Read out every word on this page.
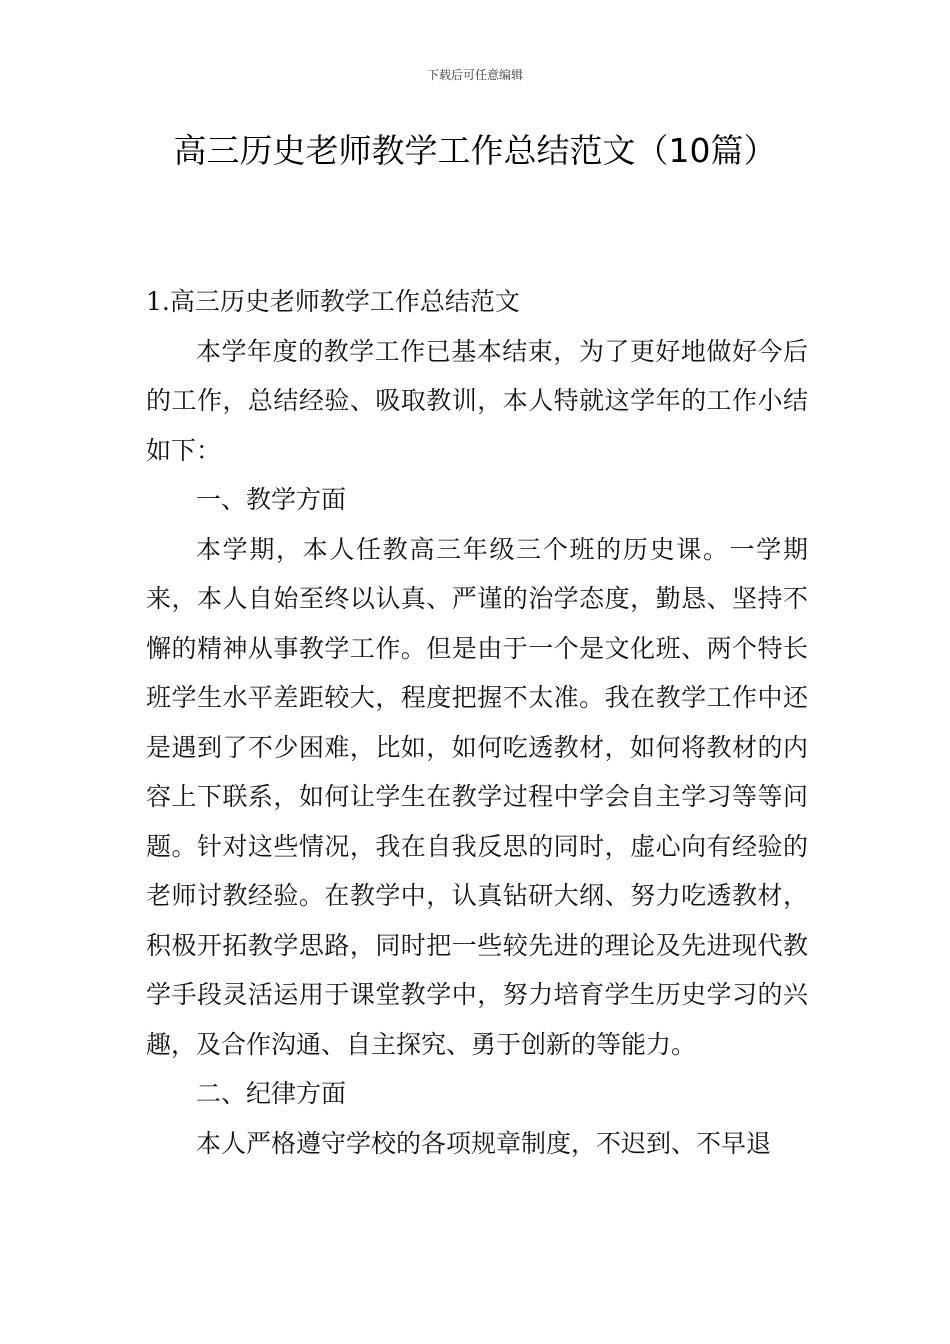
下载后可任意编辑
高三历史老师教学工作总结范文（10篇）

1.高三历史老师教学工作总结范文

本学年度的教学工作已基本结束，为了更好地做好今后的工作，总结经验、吸取教训，本人特就这学年的工作小结如下：

一、教学方面

本学期，本人任教高三年级三个班的历史课。一学期来，本人自始至终以认真、严谨的治学态度，勤恳、坚持不懈的精神从事教学工作。但是由于一个是文化班、两个特长班学生水平差距较大，程度把握不太准。我在教学工作中还是遇到了不少困难，比如，如何吃透教材，如何将教材的内容上下联系，如何让学生在教学过程中学会自主学习等等问题。针对这些情况，我在自我反思的同时，虚心向有经验的老师讨教经验。在教学中，认真钻研大纲、努力吃透教材，积极开拓教学思路，同时把一些较先进的理论及先进现代教学手段灵活运用于课堂教学中，努力培育学生历史学习的兴趣，及合作沟通、自主探究、勇于创新的等能力。

二、纪律方面

本人严格遵守学校的各项规章制度，不迟到、不早退
